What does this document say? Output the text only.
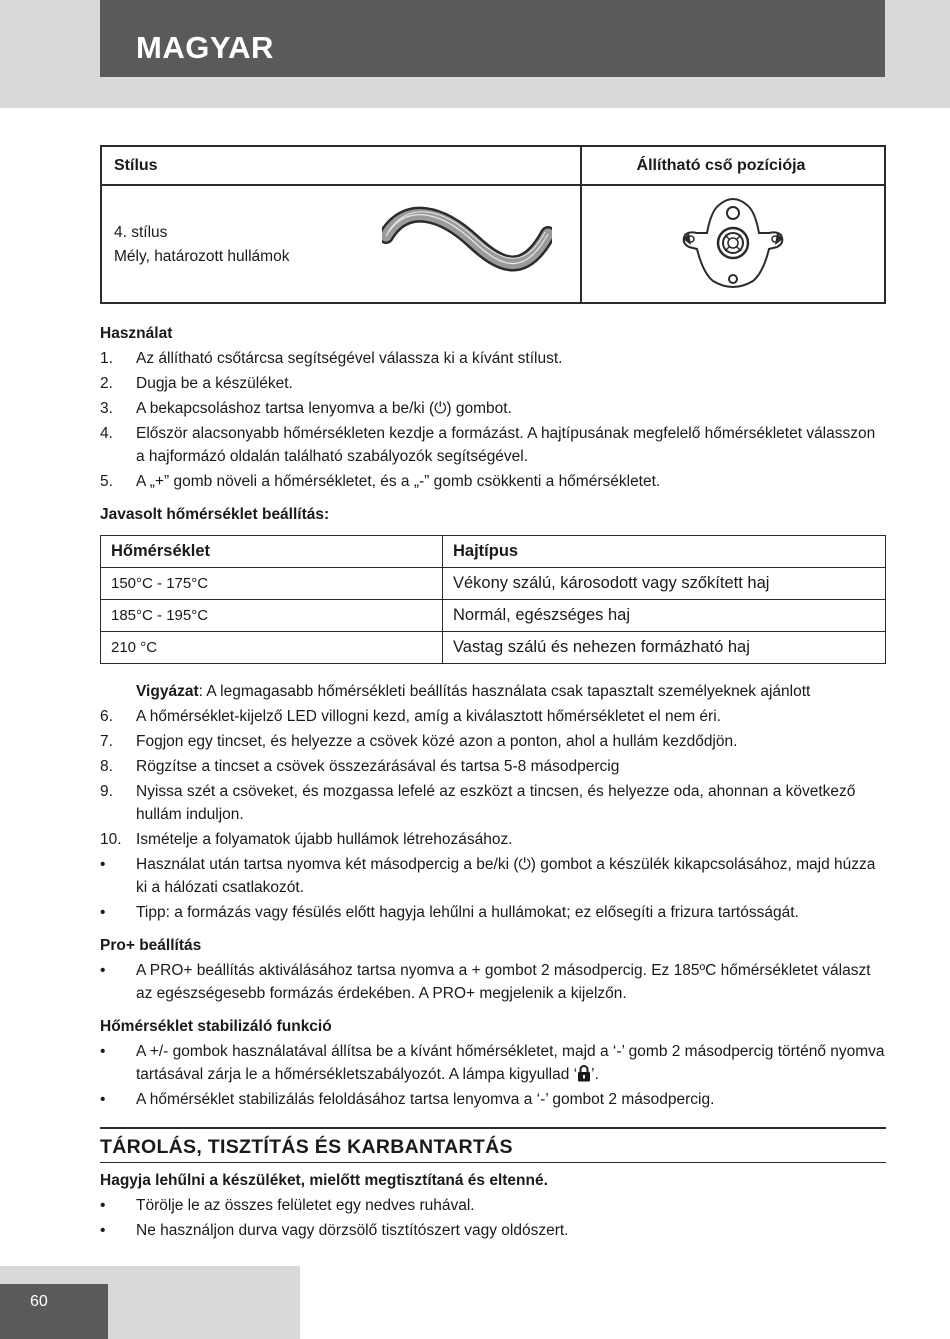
MAGYAR
Stílus	Állítható cső pozíciója

4. stílus
Mély, határozott hullámok

Használat
1. Az állítható csőtárcsa segítségével válassza ki a kívánt stílust.
2. Dugja be a készüléket.
3. A bekapcsoláshoz tartsa lenyomva a be/ki (⏻) gombot.
4. Először alacsonyabb hőmérsékleten kezdje a formázást. A hajtípusának megfelelő hőmérsékletet válasszon a hajformázó oldalán található szabályozók segítségével.
5. A „+” gomb növeli a hőmérsékletet, és a „-” gomb csökkenti a hőmérsékletet.
Javasolt hőmérséklet beállítás:
Hőmérséklet	Hajtípus
150°C - 175°C	Vékony szálú, károsodott vagy szőkített haj
185°C - 195°C	Normál, egészséges haj
210 °C	Vastag szálú és nehezen formázható haj
Vigyázat: A legmagasabb hőmérsékleti beállítás használata csak tapasztalt személyeknek ajánlott
6. A hőmérséklet-kijelző LED villogni kezd, amíg a kiválasztott hőmérsékletet el nem éri.
7. Fogjon egy tincset, és helyezze a csövek közé azon a ponton, ahol a hullám kezdődjön.
8. Rögzítse a tincset a csövek összezárásával és tartsa 5-8 másodpercig
9. Nyissa szét a csöveket, és mozgassa lefelé az eszközt a tincsen, és helyezze oda, ahonnan a következő hullám induljon.
10. Ismételje a folyamatok újabb hullámok létrehozásához.
• Használat után tartsa nyomva két másodpercig a be/ki (⏻) gombot a készülék kikapcsolásához, majd húzza ki a hálózati csatlakozót.
• Tipp: a formázás vagy fésülés előtt hagyja lehűlni a hullámokat; ez elősegíti a frizura tartósságát.
Pro+ beállítás
• A PRO+ beállítás aktiválásához tartsa nyomva a + gombot 2 másodpercig. Ez 185ºC hőmérsékletet választ az egészségesebb formázás érdekében. A PRO+ megjelenik a kijelzőn.
Hőmérséklet stabilizáló funkció
• A +/- gombok használatával állítsa be a kívánt hőmérsékletet, majd a ‘-’ gomb 2 másodpercig történő nyomva tartásával zárja le a hőmérsékletszabályozót. A lámpa kigyullad ‘ ’.
• A hőmérséklet stabilizálás feloldásához tartsa lenyomva a ‘-’ gombot 2 másodpercig.
TÁROLÁS, TISZTÍTÁS ÉS KARBANTARTÁS
Hagyja lehűlni a készüléket, mielőtt megtisztítaná és eltenné.
• Törölje le az összes felületet egy nedves ruhával.
• Ne használjon durva vagy dörzsölő tisztítószert vagy oldószert.
60
